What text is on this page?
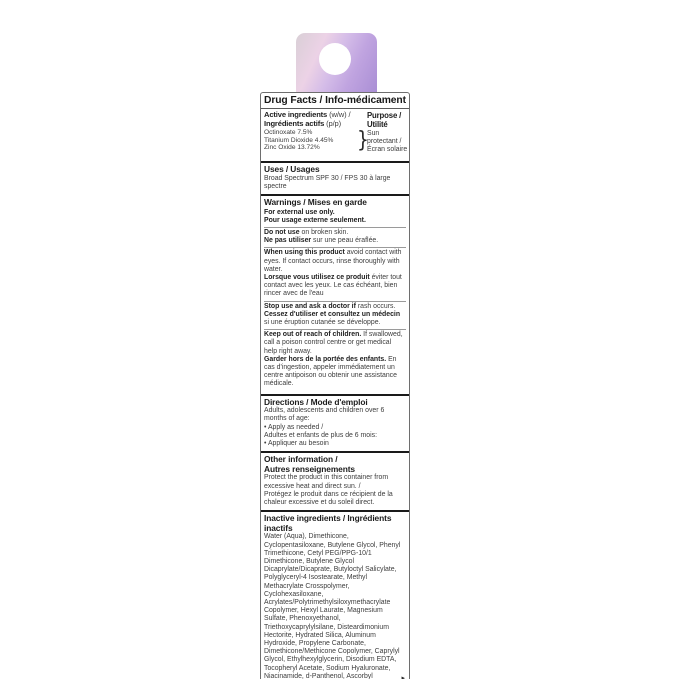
Drug Facts / Info-médicament
Active ingredients (w/w) /
Ingrédients actifs (p/p)
Octinoxate 7.5%
Titanium Dioxide 4.45%
Zinc Oxide 13.72%	}
Purpose /
Utilité
Sun protectant / Écran solaire
Uses / Usages

Broad Spectrum SPF 30 / FPS 30 à large spectre

Warnings / Mises en garde

For external use only.

Pour usage externe seulement.

Do not use on broken skin.

Ne pas utiliser sur une peau éraflée.

When using this product avoid contact with eyes. If contact occurs, rinse thoroughly with water.

Lorsque vous utilisez ce produit éviter tout contact avec les yeux. Le cas échéant, bien rincer avec de l'eau

Stop use and ask a doctor if rash occurs.

Cessez d'utiliser et consultez un médecin si une éruption cutanée se développe.

Keep out of reach of children. If swallowed, call a poison control centre or get medical help right away.

Garder hors de la portée des enfants. En cas d'ingestion, appeler immédiatement un centre antipoison ou obtenir une assistance médicale.

Directions / Mode d'emploi

Adults, adolescents and children over 6 months of age:

• Apply as needed /

Adultes et enfants de plus de 6 mois:

• Appliquer au besoin

Other information /
Autres renseignements

Protect the product in this container from excessive heat and direct sun. /

Protégez le produit dans ce récipient de la chaleur excessive et du soleil direct.

Inactive ingredients / Ingrédients
inactifs

Water (Aqua), Dimethicone, Cyclopentasiloxane, Butylene Glycol, Phenyl Trimethicone, Cetyl PEG/PPG-10/1 Dimethicone, Butylene Glycol Dicaprylate/Dicaprate, Butyloctyl Salicylate, Polyglyceryl-4 Isostearate, Methyl Methacrylate Crosspolymer, Cyclohexasiloxane, Acrylates/Polytrimethylsiloxymethacrylate Copolymer, Hexyl Laurate, Magnesium Sulfate, Phenoxyethanol, Triethoxycaprylylsilane, Disteardimonium Hectorite, Hydrated Silica, Aluminum Hydroxide, Propylene Carbonate, Dimethicone/Methicone Copolymer, Caprylyl Glycol, Ethylhexylglycerin, Disodium EDTA, Tocopheryl Acetate, Sodium Hyaluronate, Niacinamide, d-Panthenol, Ascorbyl	▸
